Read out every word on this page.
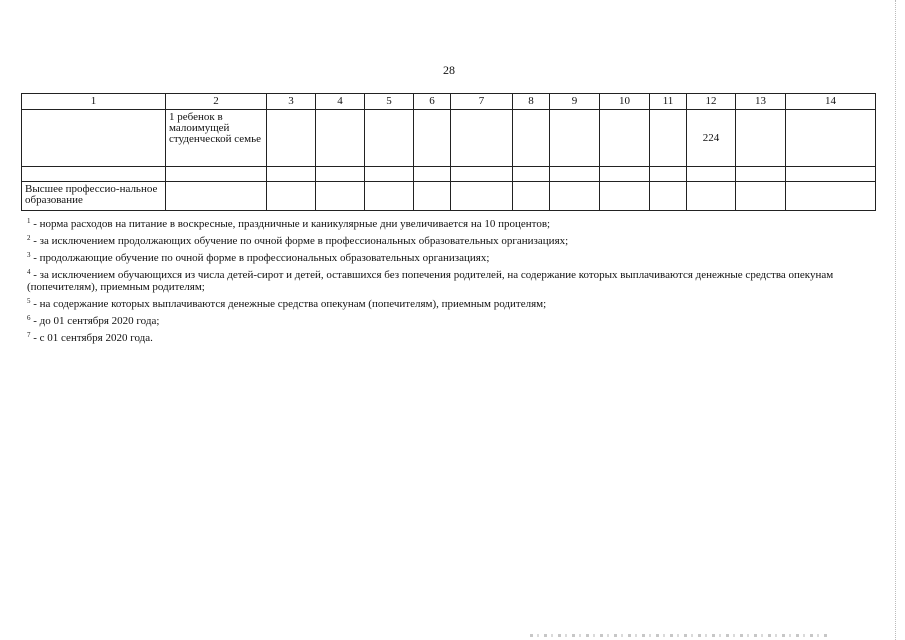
28
1	2	3	4	5	6	7	8	9	10	11	12	13	14

	1 ребенок в малоимущей студенческой семье										224		

Высшее профессио-нальное образование													

$^1$ - норма расходов на питание в воскресные, праздничные и каникулярные дни увеличивается на 10 процентов;
$^2$ - за исключением продолжающих обучение по очной форме в профессиональных образовательных организациях;
$^3$ - продолжающие обучение по очной форме в профессиональных образовательных организациях;
$^4$ - за исключением обучающихся из числа детей-сирот и детей, оставшихся без попечения родителей, на содержание которых выплачиваются денежные средства опекунам (попечителям), приемным родителям;
$^5$ - на содержание которых выплачиваются денежные средства опекунам (попечителям), приемным родителям;
$^6$ - до 01 сентября 2020 года;
$^7$ - с 01 сентября 2020 года.
